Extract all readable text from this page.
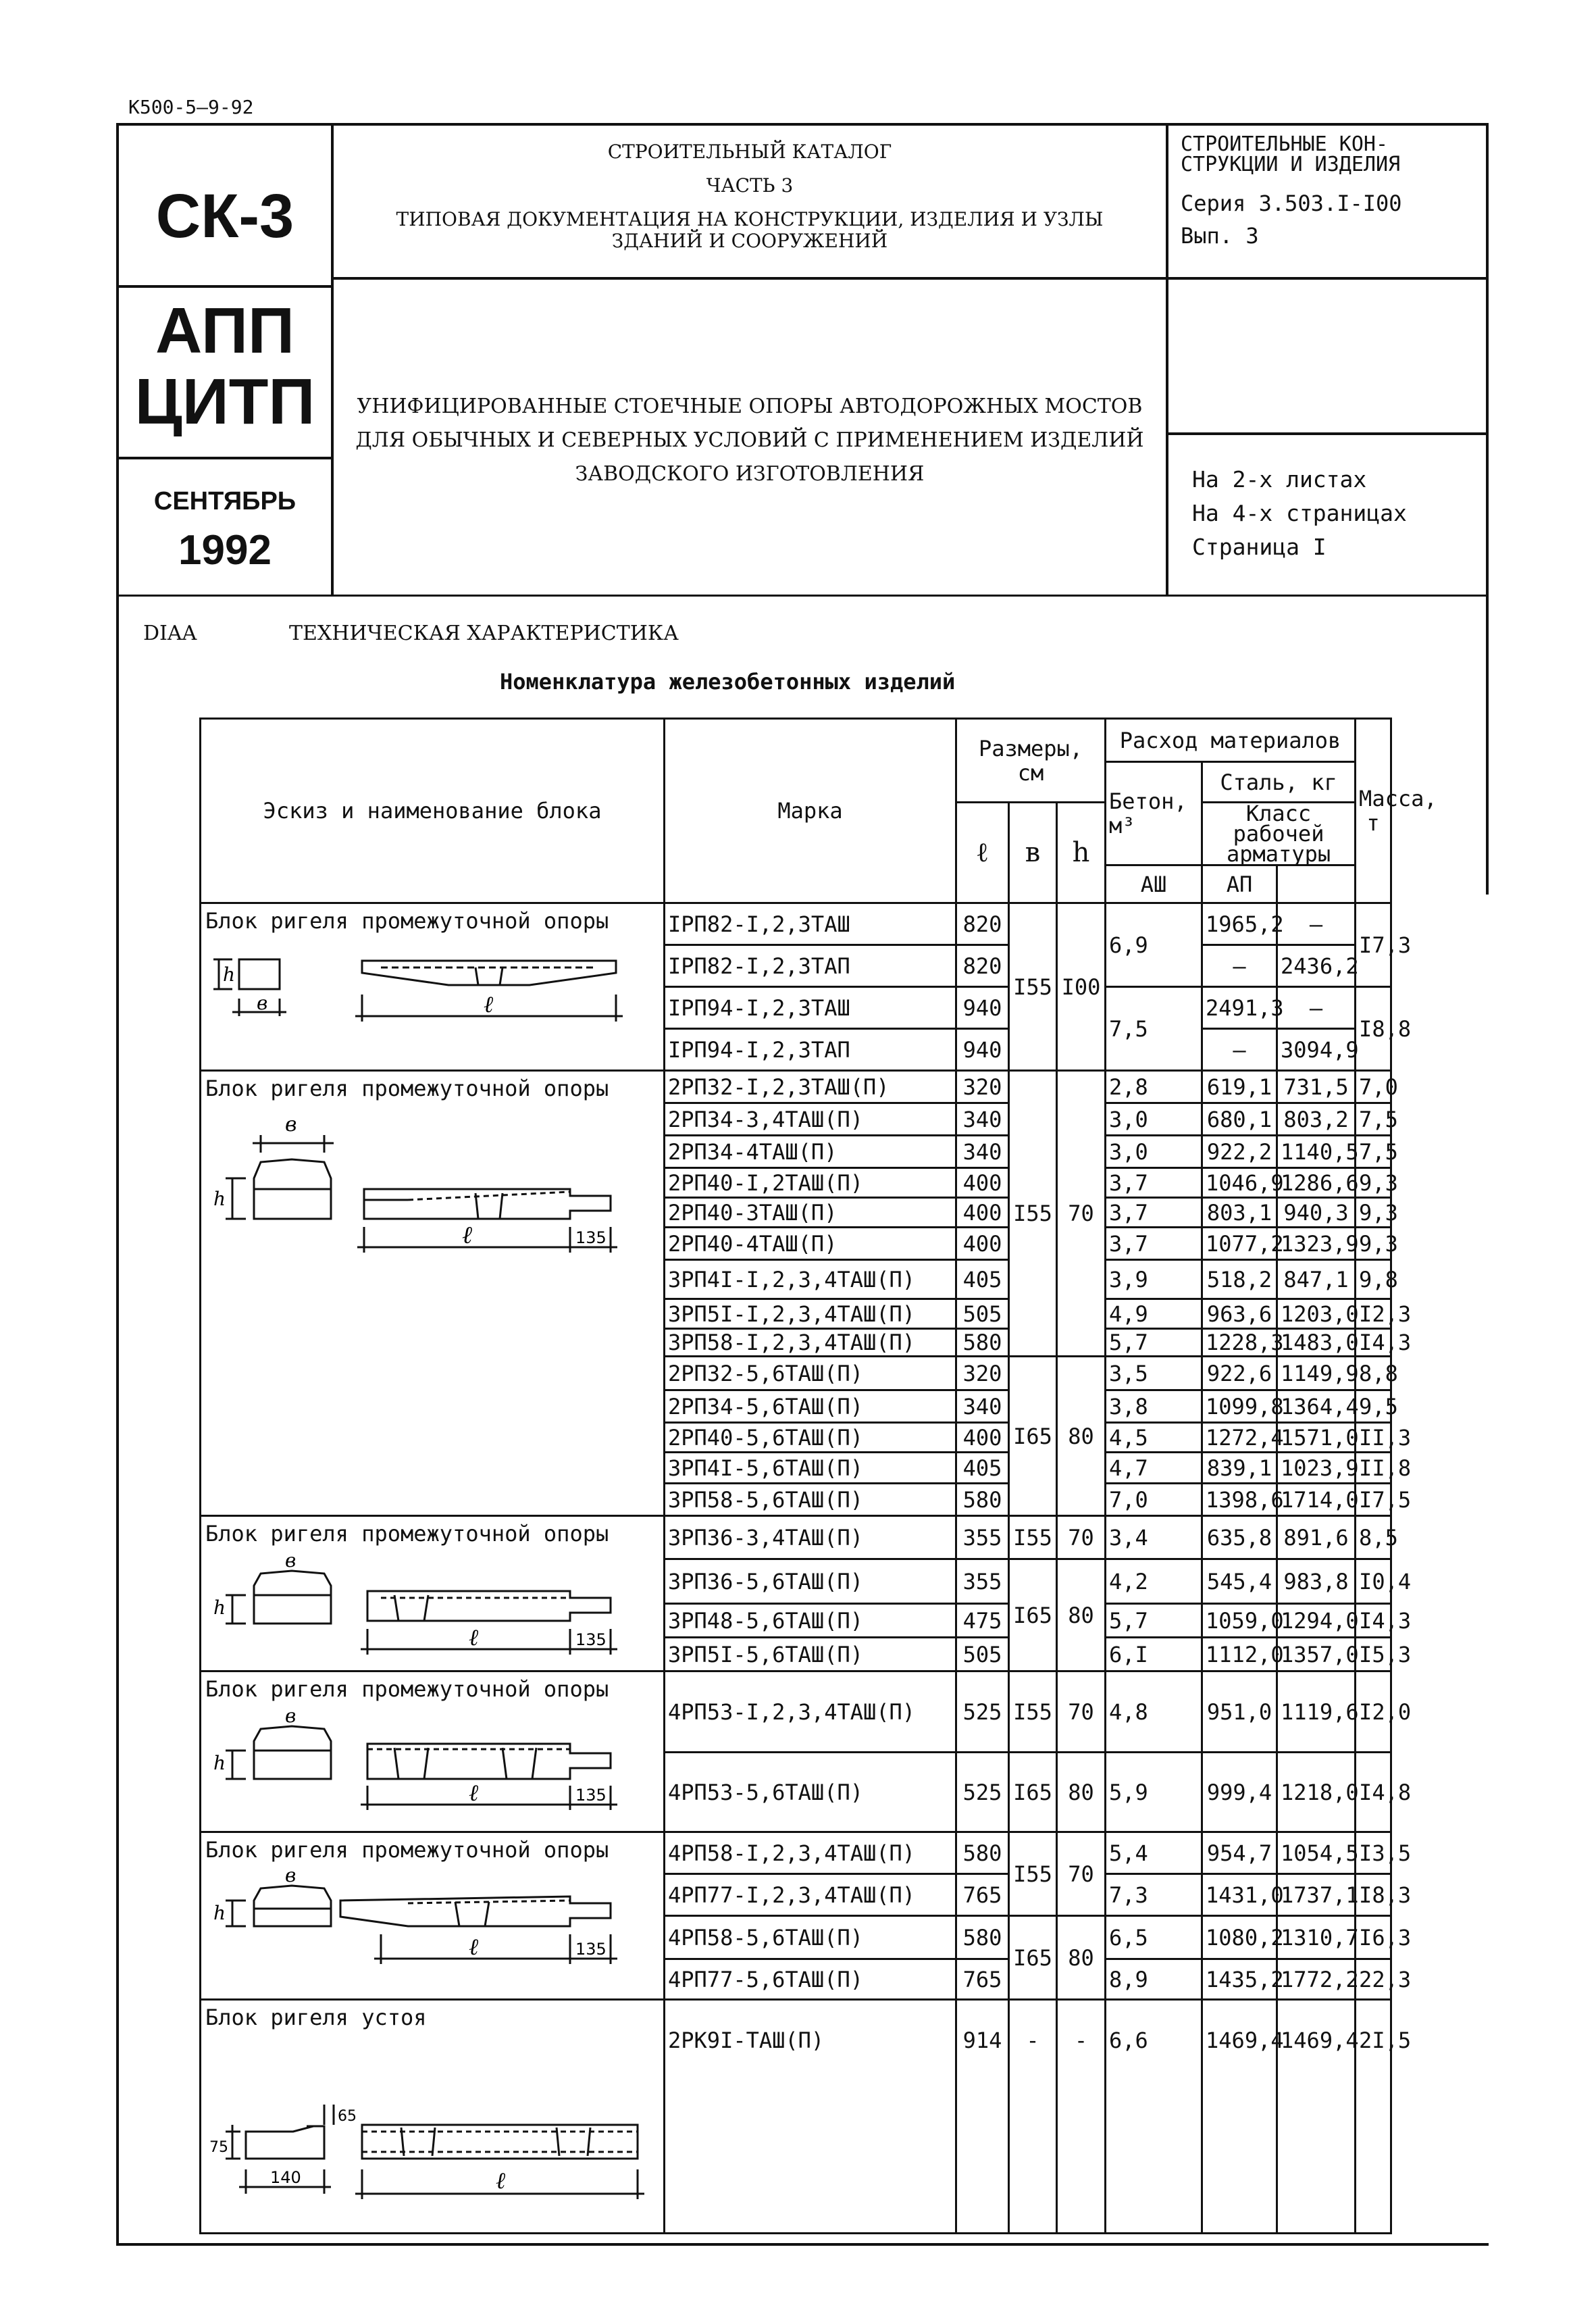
К500-5—9-92
СК-3
АПП
ЦИТП
СЕНТЯБРЬ
1992
СТРОИТЕЛЬНЫЙ КАТАЛОГ
ЧАСТЬ 3
ТИПОВАЯ ДОКУМЕНТАЦИЯ НА КОНСТРУКЦИИ, ИЗДЕЛИЯ И УЗЛЫ
ЗДАНИЙ И СООРУЖЕНИЙ
СТРОИТЕЛЬНЫЕ КОН-
СТРУКЦИИ И ИЗДЕЛИЯ
Серия 3.503.I-I00
Вып. 3
УНИФИЦИРОВАННЫЕ СТОЕЧНЫЕ ОПОРЫ АВТОДОРОЖНЫХ МОСТОВ
ДЛЯ ОБЫЧНЫХ И СЕВЕРНЫХ УСЛОВИЙ С ПРИМЕНЕНИЕМ ИЗДЕЛИЙ
ЗАВОДСКОГО ИЗГОТОВЛЕНИЯ	На 2-х листах
На 4-х страницах
Страница I
DIAA	ТЕХНИЧЕСКАЯ ХАРАКТЕРИСТИКА
Номенклатура железобетонных изделий
Эскиз и наименование блока	Марка	Размеры, см			Расход материалов			Масса, т
					Бетон, м³	Сталь, кг		
		ℓ	в	h		Класс рабочей арматуры		

					АШ	АП		

Блок ригеля промежуточной опоры
h
в ℓ	IРП82-I,2,3ТАШ	820	I55	I00	6,9	1965,2	–	I7,3
	IРП82-I,2,3ТАП	820				–	2436,2	
	IРП94-I,2,3ТАШ	940			7,5	2491,3	–	I8,8
	IРП94-I,2,3ТАП	940				–	3094,9	

Блок ригеля промежуточной опоры
в
h
ℓ 135	2РП32-I,2,3ТАШ(П)	320	I55	70	2,8	619,1	731,5	7,0
	2РП34-3,4ТАШ(П)	340			3,0	680,1	803,2	7,5
	2РП34-4ТАШ(П)	340			3,0	922,2	1140,5	7,5
	2РП40-I,2ТАШ(П)	400			3,7	1046,9	1286,6	9,3
	2РП40-3ТАШ(П)	400			3,7	803,1	940,3	9,3
	2РП40-4ТАШ(П)	400			3,7	1077,2	1323,9	9,3
	3РП4I-I,2,3,4ТАШ(П)	405			3,9	518,2	847,1	9,8
	3РП5I-I,2,3,4ТАШ(П)	505			4,9	963,6	1203,0	I2,3
	3РП58-I,2,3,4ТАШ(П)	580			5,7	1228,3	1483,0	I4,3
	2РП32-5,6ТАШ(П)	320	I65	80	3,5	922,6	1149,9	8,8
	2РП34-5,6ТАШ(П)	340			3,8	1099,8	1364,4	9,5
	2РП40-5,6ТАШ(П)	400			4,5	1272,4	1571,0	II,3
	3РП4I-5,6ТАШ(П)	405			4,7	839,1	1023,9	II,8
	3РП58-5,6ТАШ(П)	580			7,0	1398,6	1714,0	I7,5

Блок ригеля промежуточной опоры
в
h
ℓ 135	3РП36-3,4ТАШ(П)	355	I55	70	3,4	635,8	891,6	8,5
	3РП36-5,6ТАШ(П)	355	I65	80	4,2	545,4	983,8	I0,4
	3РП48-5,6ТАШ(П)	475			5,7	1059,0	1294,0	I4,3
	3РП5I-5,6ТАШ(П)	505			6,I	1112,0	1357,0	I5,3

Блок ригеля промежуточной опоры
в
h
ℓ 135	4РП53-I,2,3,4ТАШ(П)	525	I55	70	4,8	951,0	1119,6	I2,0
	4РП53-5,6ТАШ(П)	525	I65	80	5,9	999,4	1218,0	I4,8

Блок ригеля промежуточной опоры
в
h
ℓ 135	4РП58-I,2,3,4ТАШ(П)	580	I55	70	5,4	954,7	1054,5	I3,5
	4РП77-I,2,3,4ТАШ(П)	765			7,3	1431,0	1737,1	I8,3
	4РП58-5,6ТАШ(П)	580	I65	80	6,5	1080,2	1310,7	I6,3
	4РП77-5,6ТАШ(П)	765			8,9	1435,2	1772,2	22,3

Блок ригеля устоя
75
65
140 ℓ	2РК9I-ТАШ(П)	914	-	-	6,6	1469,4	1469,4	2I,5
